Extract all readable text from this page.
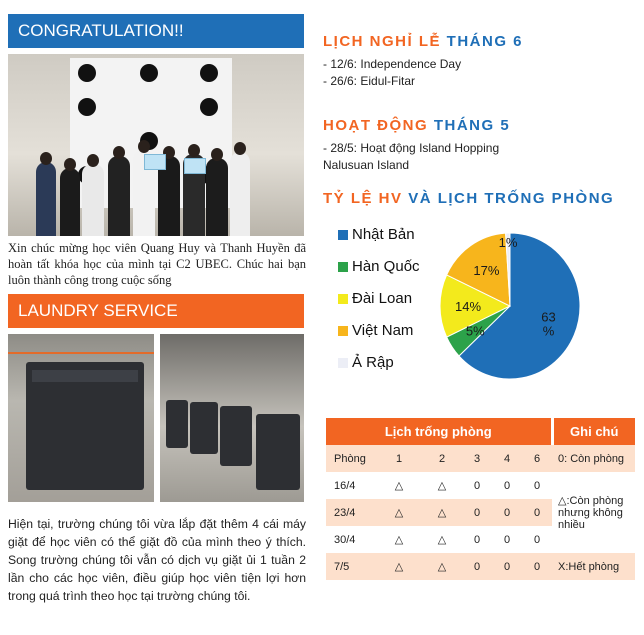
CONGRATULATION!!
Xin chúc mừng học viên Quang Huy và Thanh Huyền đã hoàn tất khóa học của mình tại C2 UBEC. Chúc hai bạn luôn thành công trong cuộc sống
LAUNDRY SERVICE
Hiện tại, trường chúng tôi vừa lắp đặt thêm 4 cái máy giặt để học viên có thể giặt đồ của mình theo ý thích. Song trường chúng tôi vẫn có dịch vụ giặt ủi 1 tuần 2 lần cho các học viên, điều giúp học viên tiện lợi hơn trong quá trình theo học tại trường chúng tôi.
LỊCH NGHỈ LỄ THÁNG 6
- 12/6: Independence Day
- 26/6: Eidul-Fitar
HOẠT ĐỘNG THÁNG 5
- 28/5: Hoạt động Island Hopping
Nalusuan Island
TỶ LỆ HV VÀ LỊCH TRỐNG PHÒNG
Nhật Bản
Hàn Quốc
Đài Loan
Việt Nam
Ả Rập
63 %
5%
14%
17%
1%
Lịch trống phòng						Ghi chú
Phòng	1	2	3	4	6	0: Còn phòng
16/4	△	△	0	0	0	△:Còn phòng nhưng không nhiều
23/4	△	△	0	0	0	
30/4	△	△	0	0	0	
7/5	△	△	0	0	0	X:Hết phòng
